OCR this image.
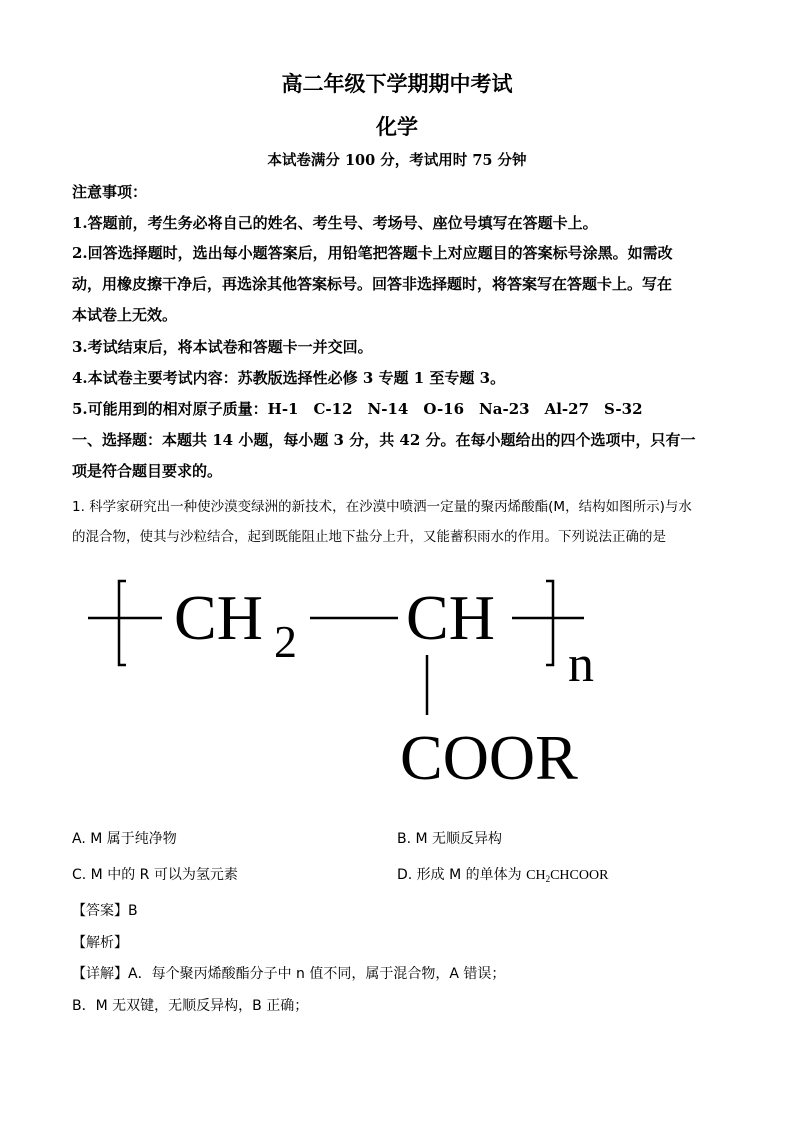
高二年级下学期期中考试
化学
本试卷满分 100 分，考试用时 75 分钟
注意事项：
1.答题前，考生务必将自己的姓名、考生号、考场号、座位号填写在答题卡上。
2.回答选择题时，选出每小题答案后，用铅笔把答题卡上对应题目的答案标号涂黑。如需改
动，用橡皮擦干净后，再选涂其他答案标号。回答非选择题时，将答案写在答题卡上。写在
本试卷上无效。
3.考试结束后，将本试卷和答题卡一并交回。
4.本试卷主要考试内容：苏教版选择性必修 3 专题 1 至专题 3。
5.可能用到的相对原子质量：H-1　C-12　N-14　O-16　Na-23　Al-27　S-32
一、选择题：本题共 14 小题，每小题 3 分，共 42 分。在每小题给出的四个选项中，只有一
项是符合题目要求的。
1. 科学家研究出一种使沙漠变绿洲的新技术，在沙漠中喷洒一定量的聚丙烯酸酯(M，结构如图所示)与水
的混合物，使其与沙粒结合，起到既能阻止地下盐分上升，又能蓄积雨水的作用。下列说法正确的是
CH 2 CH
n
COOR
A. M 属于纯净物	B. M 无顺反异构
C. M 中的 R 可以为氢元素	D. 形成 M 的单体为 $CH_2CHCOOR$
【答案】B
【解析】
【详解】A．每个聚丙烯酸酯分子中 n 值不同，属于混合物，A 错误；
B．M 无双键，无顺反异构，B 正确；
